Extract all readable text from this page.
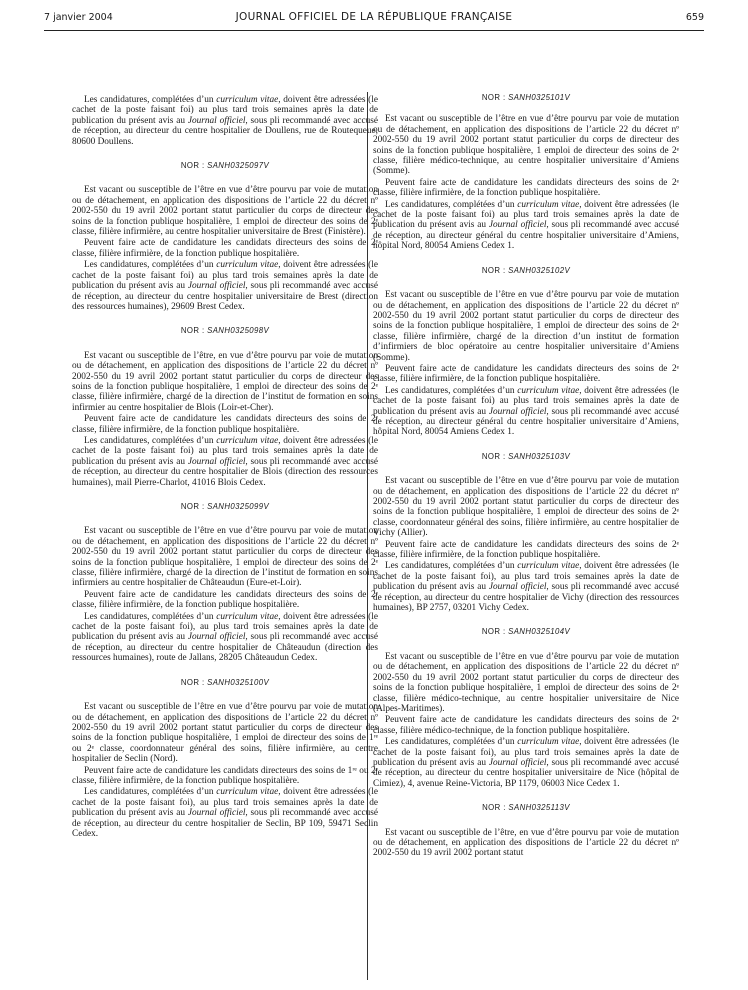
7 janvier 2004	JOURNAL OFFICIEL DE LA RÉPUBLIQUE FRANÇAISE	659

Les candidatures, complétées d’un curriculum vitae, doivent être adressées (le cachet de la poste faisant foi) au plus tard trois semaines après la date de publication du présent avis au Journal officiel, sous pli recommandé avec accusé de réception, au directeur du centre hospitalier de Doullens, rue de Routequeue, 80600 Doullens.

NOR : SANH0325097V

Est vacant ou susceptible de l’être en vue d’être pourvu par voie de mutation ou de détachement, en application des dispositions de l’article 22 du décret nº 2002-550 du 19 avril 2002 portant statut particulier du corps de directeur des soins de la fonction publique hospitalière, 1 emploi de directeur des soins de 2ᵉ classe, filière infirmière, au centre hospitalier universitaire de Brest (Finistère).

Peuvent faire acte de candidature les candidats directeurs des soins de 2ᵉ classe, filière infirmière, de la fonction publique hospitalière.

Les candidatures, complétées d’un curriculum vitae, doivent être adressées (le cachet de la poste faisant foi) au plus tard trois semaines après la date de publication du présent avis au Journal officiel, sous pli recommandé avec accusé de réception, au directeur du centre hospitalier universitaire de Brest (direction des ressources humaines), 29609 Brest Cedex.

NOR : SANH0325098V

Est vacant ou susceptible de l’être, en vue d’être pourvu par voie de mutation ou de détachement, en application des dispositions de l’article 22 du décret nº 2002-550 du 19 avril 2002 portant statut particulier du corps de directeur des soins de la fonction publique hospitalière, 1 emploi de directeur des soins de 2ᵉ classe, filière infirmière, chargé de la direction de l’institut de formation en soins infirmier au centre hospitalier de Blois (Loir-et-Cher).

Peuvent faire acte de candidature les candidats directeurs des soins de 2ᵉ classe, filière infirmière, de la fonction publique hospitalière.

Les candidatures, complétées d’un curriculum vitae, doivent être adressées (le cachet de la poste faisant foi) au plus tard trois semaines après la date de publication du présent avis au Journal officiel, sous pli recommandé avec accusé de réception, au directeur du centre hospitalier de Blois (direction des ressources humaines), mail Pierre-Charlot, 41016 Blois Cedex.

NOR : SANH0325099V

Est vacant ou susceptible de l’être en vue d’être pourvu par voie de mutation ou de détachement, en application des dispositions de l’article 22 du décret nº 2002-550 du 19 avril 2002 portant statut particulier du corps de directeur des soins de la fonction publique hospitalière, 1 emploi de directeur des soins de 2ᵉ classe, filière infirmière, chargé de la direction de l’institut de formation en soins infirmiers au centre hospitalier de Châteaudun (Eure-et-Loir).

Peuvent faire acte de candidature les candidats directeurs des soins de 2ᵉ classe, filière infirmière, de la fonction publique hospitalière.

Les candidatures, complétées d’un curriculum vitae, doivent être adressées (le cachet de la poste faisant foi), au plus tard trois semaines après la date de publication du présent avis au Journal officiel, sous pli recommandé avec accusé de réception, au directeur du centre hospitalier de Châteaudun (direction des ressources humaines), route de Jallans, 28205 Châteaudun Cedex.

NOR : SANH0325100V

Est vacant ou susceptible de l’être en vue d’être pourvu par voie de mutation ou de détachement, en application des dispositions de l’article 22 du décret nº 2002-550 du 19 avril 2002 portant statut particulier du corps de directeur des soins de la fonction publique hospitalière, 1 emploi de directeur des soins de 1ʳᵉ ou 2ᵉ classe, coordonnateur général des soins, filière infirmière, au centre hospitalier de Seclin (Nord).

Peuvent faire acte de candidature les candidats directeurs des soins de 1ʳᵉ ou 2ᵉ classe, filière infirmière, de la fonction publique hospitalière.

Les candidatures, complétées d’un curriculum vitae, doivent être adressées (le cachet de la poste faisant foi), au plus tard trois semaines après la date de publication du présent avis au Journal officiel, sous pli recommandé avec accusé de réception, au directeur du centre hospitalier de Seclin, BP 109, 59471 Seclin Cedex.

NOR : SANH0325101V

Est vacant ou susceptible de l’être en vue d’être pourvu par voie de mutation ou de détachement, en application des dispositions de l’article 22 du décret nº 2002-550 du 19 avril 2002 portant statut particulier du corps de directeur des soins de la fonction publique hospitalière, 1 emploi de directeur des soins de 2ᵉ classe, filière médico-technique, au centre hospitalier universitaire d’Amiens (Somme).

Peuvent faire acte de candidature les candidats directeurs des soins de 2ᵉ classe, filière infirmière, de la fonction publique hospitalière.

Les candidatures, complétées d’un curriculum vitae, doivent être adressées (le cachet de la poste faisant foi) au plus tard trois semaines après la date de publication du présent avis au Journal officiel, sous pli recommandé avec accusé de réception, au directeur général du centre hospitalier universitaire d’Amiens, hôpital Nord, 80054 Amiens Cedex 1.

NOR : SANH0325102V

Est vacant ou susceptible de l’être en vue d’être pourvu par voie de mutation ou de détachement, en application des dispositions de l’article 22 du décret nº 2002-550 du 19 avril 2002 portant statut particulier du corps de directeur des soins de la fonction publique hospitalière, 1 emploi de directeur des soins de 2ᵉ classe, filière infirmière, chargé de la direction d’un institut de formation d’infirmiers de bloc opératoire au centre hospitalier universitaire d’Amiens (Somme).

Peuvent faire acte de candidature les candidats directeurs des soins de 2ᵉ classe, filière infirmière, de la fonction publique hospitalière.

Les candidatures, complétées d’un curriculum vitae, doivent être adressées (le cachet de la poste faisant foi) au plus tard trois semaines après la date de publication du présent avis au Journal officiel, sous pli recommandé avec accusé de réception, au directeur général du centre hospitalier universitaire d’Amiens, hôpital Nord, 80054 Amiens Cedex 1.

NOR : SANH0325103V

Est vacant ou susceptible de l’être en vue d’être pourvu par voie de mutation ou de détachement, en application des dispositions de l’article 22 du décret nº 2002-550 du 19 avril 2002 portant statut particulier du corps de directeur des soins de la fonction publique hospitalière, 1 emploi de directeur des soins de 2ᵉ classe, coordonnateur général des soins, filière infirmière, au centre hospitalier de Vichy (Allier).

Peuvent faire acte de candidature les candidats directeurs des soins de 2ᵉ classe, filière infirmière, de la fonction publique hospitalière.

Les candidatures, complétées d’un curriculum vitae, doivent être adressées (le cachet de la poste faisant foi), au plus tard trois semaines après la date de publication du présent avis au Journal officiel, sous pli recommandé avec accusé de réception, au directeur du centre hospitalier de Vichy (direction des ressources humaines), BP 2757, 03201 Vichy Cedex.

NOR : SANH0325104V

Est vacant ou susceptible de l’être en vue d’être pourvu par voie de mutation ou de détachement, en application des dispositions de l’article 22 du décret nº 2002-550 du 19 avril 2002 portant statut particulier du corps de directeur des soins de la fonction publique hospitalière, 1 emploi de directeur des soins de 2ᵉ classe, filière médico-technique, au centre hospitalier universitaire de Nice (Alpes-Maritimes).

Peuvent faire acte de candidature les candidats directeurs des soins de 2ᵉ classe, filière médico-technique, de la fonction publique hospitalière.

Les candidatures, complétées d’un curriculum vitae, doivent être adressées (le cachet de la poste faisant foi), au plus tard trois semaines après la date de publication du présent avis au Journal officiel, sous pli recommandé avec accusé de réception, au directeur du centre hospitalier universitaire de Nice (hôpital de Cimiez), 4, avenue Reine-Victoria, BP 1179, 06003 Nice Cedex 1.

NOR : SANH0325113V

Est vacant ou susceptible de l’être, en vue d’être pourvu par voie de mutation ou de détachement, en application des dispositions de l’article 22 du décret nº 2002-550 du 19 avril 2002 portant statut
